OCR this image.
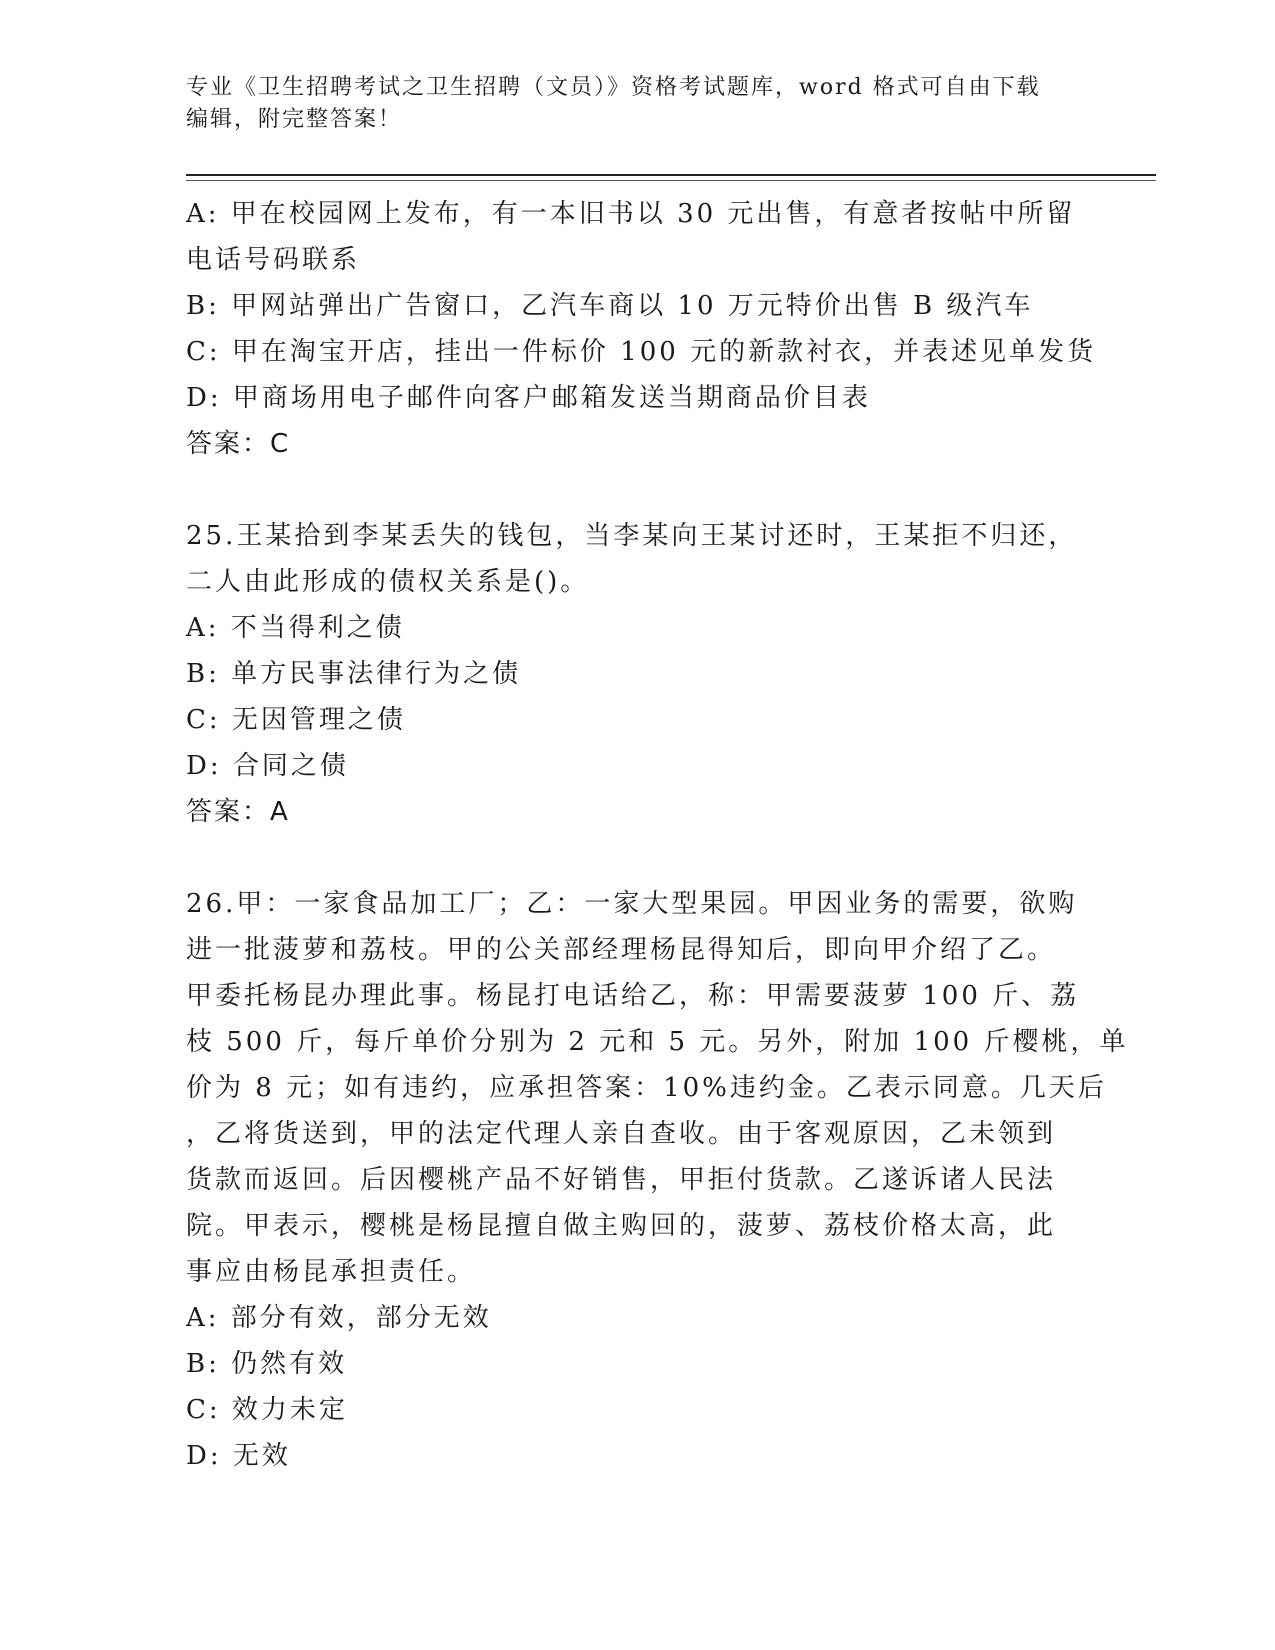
专业《卫生招聘考试之卫生招聘（文员）》资格考试题库，word 格式可自由下载
编辑，附完整答案！
A: 甲在校园网上发布，有一本旧书以 30 元出售，有意者按帖中所留
电话号码联系
B: 甲网站弹出广告窗口，乙汽车商以 10 万元特价出售 B 级汽车
C: 甲在淘宝开店，挂出一件标价 100 元的新款衬衣，并表述见单发货
D: 甲商场用电子邮件向客户邮箱发送当期商品价目表
答案：C
25.王某拾到李某丢失的钱包，当李某向王某讨还时，王某拒不归还，
二人由此形成的债权关系是()。
A: 不当得利之债
B: 单方民事法律行为之债
C: 无因管理之债
D: 合同之债
答案：A
26.甲：一家食品加工厂；乙：一家大型果园。甲因业务的需要，欲购
进一批菠萝和荔枝。甲的公关部经理杨昆得知后，即向甲介绍了乙。
甲委托杨昆办理此事。杨昆打电话给乙，称：甲需要菠萝 100 斤、荔
枝 500 斤，每斤单价分别为 2 元和 5 元。另外，附加 100 斤樱桃，单
价为 8 元；如有违约，应承担答案：10%违约金。乙表示同意。几天后
，乙将货送到，甲的法定代理人亲自查收。由于客观原因，乙未领到
货款而返回。后因樱桃产品不好销售，甲拒付货款。乙遂诉诸人民法
院。甲表示，樱桃是杨昆擅自做主购回的，菠萝、荔枝价格太高，此
事应由杨昆承担责任。
A: 部分有效，部分无效
B: 仍然有效
C: 效力未定
D: 无效
